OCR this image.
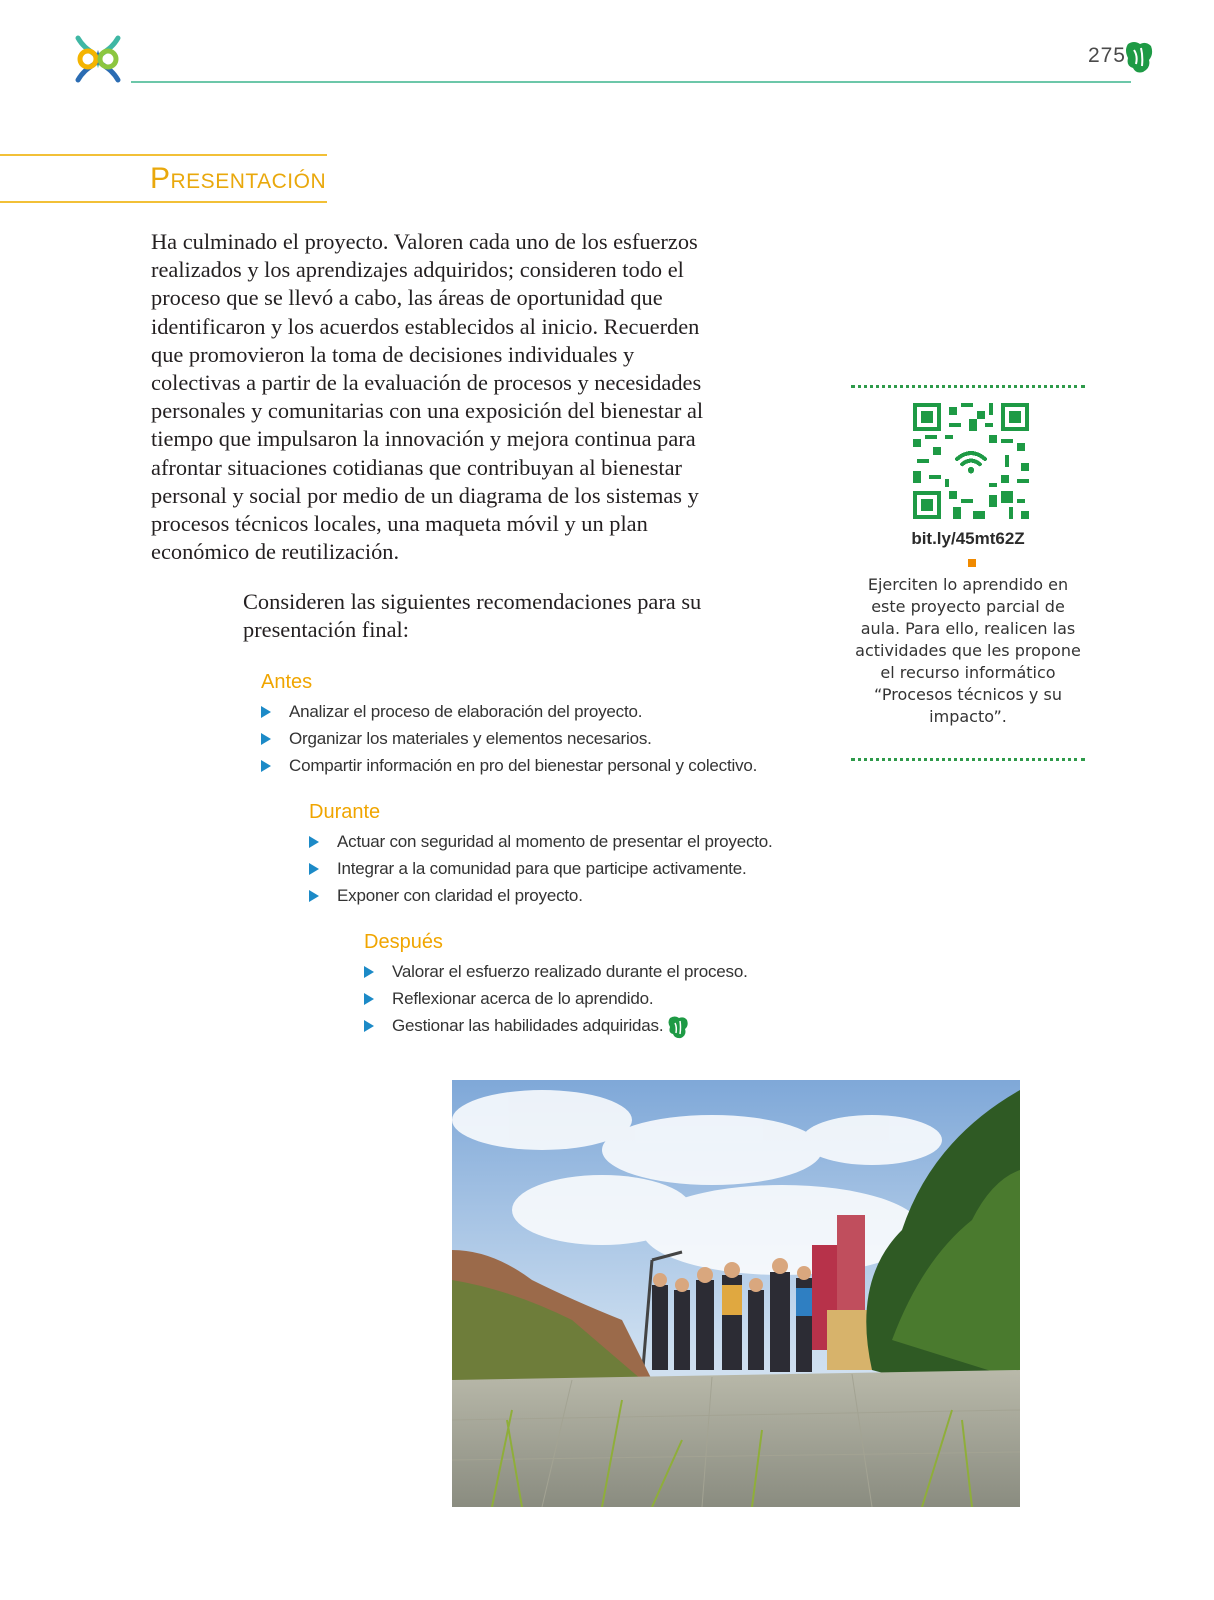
275
Presentación

Ha culminado el proyecto. Valoren cada uno de los esfuerzos realizados y los aprendizajes adquiridos; consideren todo el proceso que se llevó a cabo, las áreas de oportunidad que identificaron y los acuerdos establecidos al inicio. Recuerden que promovieron la toma de decisiones individuales y colectivas a partir de la evaluación de procesos y necesidades personales y comunitarias con una exposición del bienestar al tiempo que impulsaron la innovación y mejora continua para afrontar situaciones cotidianas que contribuyan al bienestar personal y social por medio de un diagrama de los sistemas y procesos técnicos locales, una maqueta móvil y un plan económico de reutilización.

Consideren las siguientes recomendaciones para su presentación final:

Antes
Analizar el proceso de elaboración del proyecto.
Organizar los materiales y elementos necesarios.
Compartir información en pro del bienestar personal y colectivo.
Durante
Actuar con seguridad al momento de presentar el proyecto.
Integrar a la comunidad para que participe activamente.
Exponer con claridad el proyecto.
Después
Valorar el esfuerzo realizado durante el proceso.
Reflexionar acerca de lo aprendido.
Gestionar las habilidades adquiridas.
bit.ly/45mt62Z
Ejerciten lo aprendido en este proyecto parcial de aula. Para ello, realicen las actividades que les propone el recurso informático “Procesos técnicos y su impacto”.
